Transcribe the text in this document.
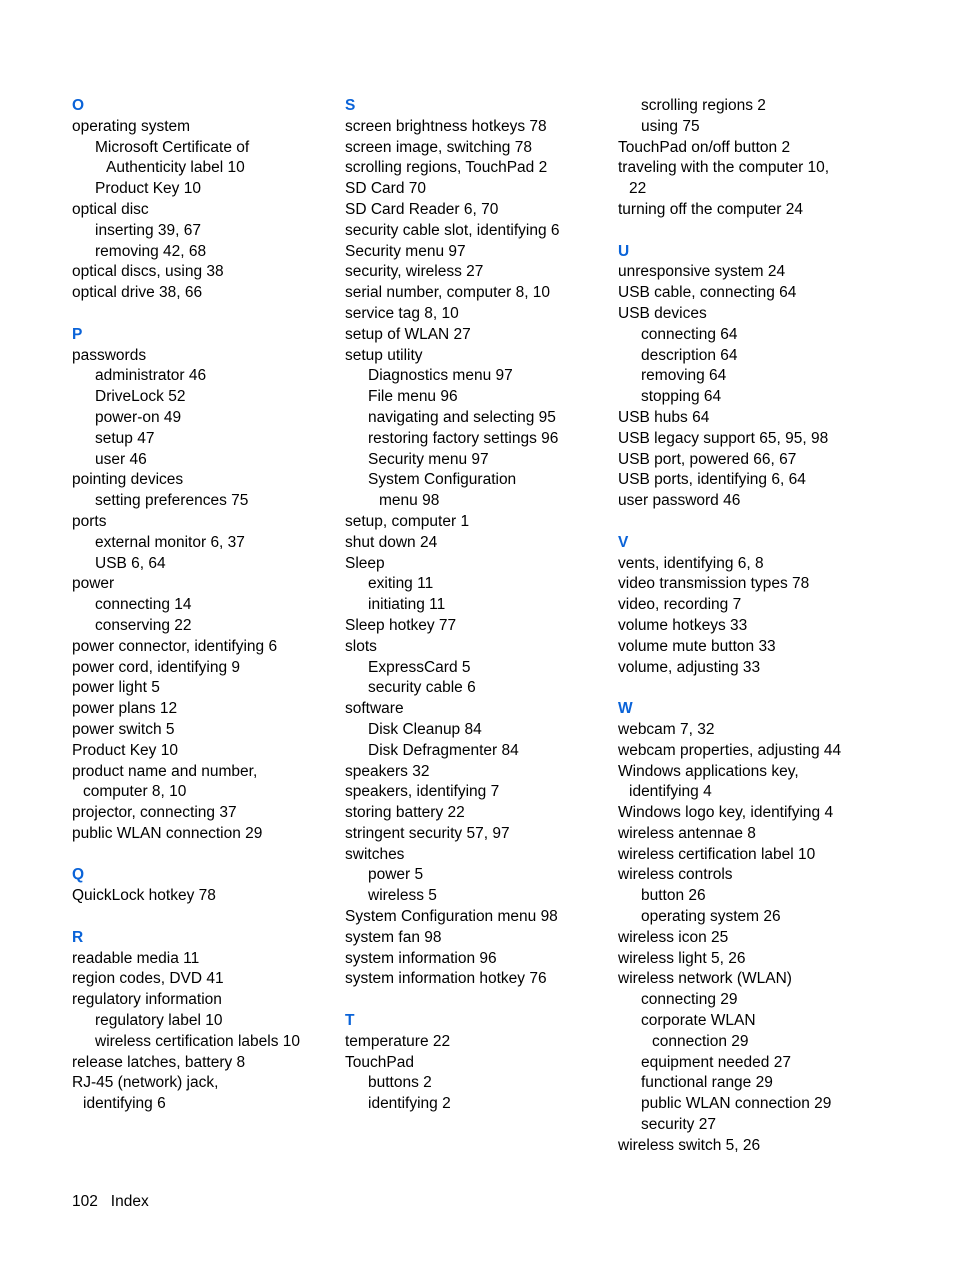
O
operating system
Microsoft Certificate of
Authenticity label 10
Product Key 10
optical disc
inserting 39, 67
removing 42, 68
optical discs, using 38
optical drive 38, 66
P
passwords
administrator 46
DriveLock 52
power-on 49
setup 47
user 46
pointing devices
setting preferences 75
ports
external monitor 6, 37
USB 6, 64
power
connecting 14
conserving 22
power connector, identifying 6
power cord, identifying 9
power light 5
power plans 12
power switch 5
Product Key 10
product name and number,
computer 8, 10
projector, connecting 37
public WLAN connection 29
Q
QuickLock hotkey 78
R
readable media 11
region codes, DVD 41
regulatory information
regulatory label 10
wireless certification labels 10
release latches, battery 8
RJ-45 (network) jack,
identifying 6
S
screen brightness hotkeys 78
screen image, switching 78
scrolling regions, TouchPad 2
SD Card 70
SD Card Reader 6, 70
security cable slot, identifying 6
Security menu 97
security, wireless 27
serial number, computer 8, 10
service tag 8, 10
setup of WLAN 27
setup utility
Diagnostics menu 97
File menu 96
navigating and selecting 95
restoring factory settings 96
Security menu 97
System Configuration
menu 98
setup, computer 1
shut down 24
Sleep
exiting 11
initiating 11
Sleep hotkey 77
slots
ExpressCard 5
security cable 6
software
Disk Cleanup 84
Disk Defragmenter 84
speakers 32
speakers, identifying 7
storing battery 22
stringent security 57, 97
switches
power 5
wireless 5
System Configuration menu 98
system fan 98
system information 96
system information hotkey 76
T
temperature 22
TouchPad
buttons 2
identifying 2
scrolling regions 2
using 75
TouchPad on/off button 2
traveling with the computer 10,
22
turning off the computer 24
U
unresponsive system 24
USB cable, connecting 64
USB devices
connecting 64
description 64
removing 64
stopping 64
USB hubs 64
USB legacy support 65, 95, 98
USB port, powered 66, 67
USB ports, identifying 6, 64
user password 46
V
vents, identifying 6, 8
video transmission types 78
video, recording 7
volume hotkeys 33
volume mute button 33
volume, adjusting 33
W
webcam 7, 32
webcam properties, adjusting 44
Windows applications key,
identifying 4
Windows logo key, identifying 4
wireless antennae 8
wireless certification label 10
wireless controls
button 26
operating system 26
wireless icon 25
wireless light 5, 26
wireless network (WLAN)
connecting 29
corporate WLAN
connection 29
equipment needed 27
functional range 29
public WLAN connection 29
security 27
wireless switch 5, 26
102 Index
